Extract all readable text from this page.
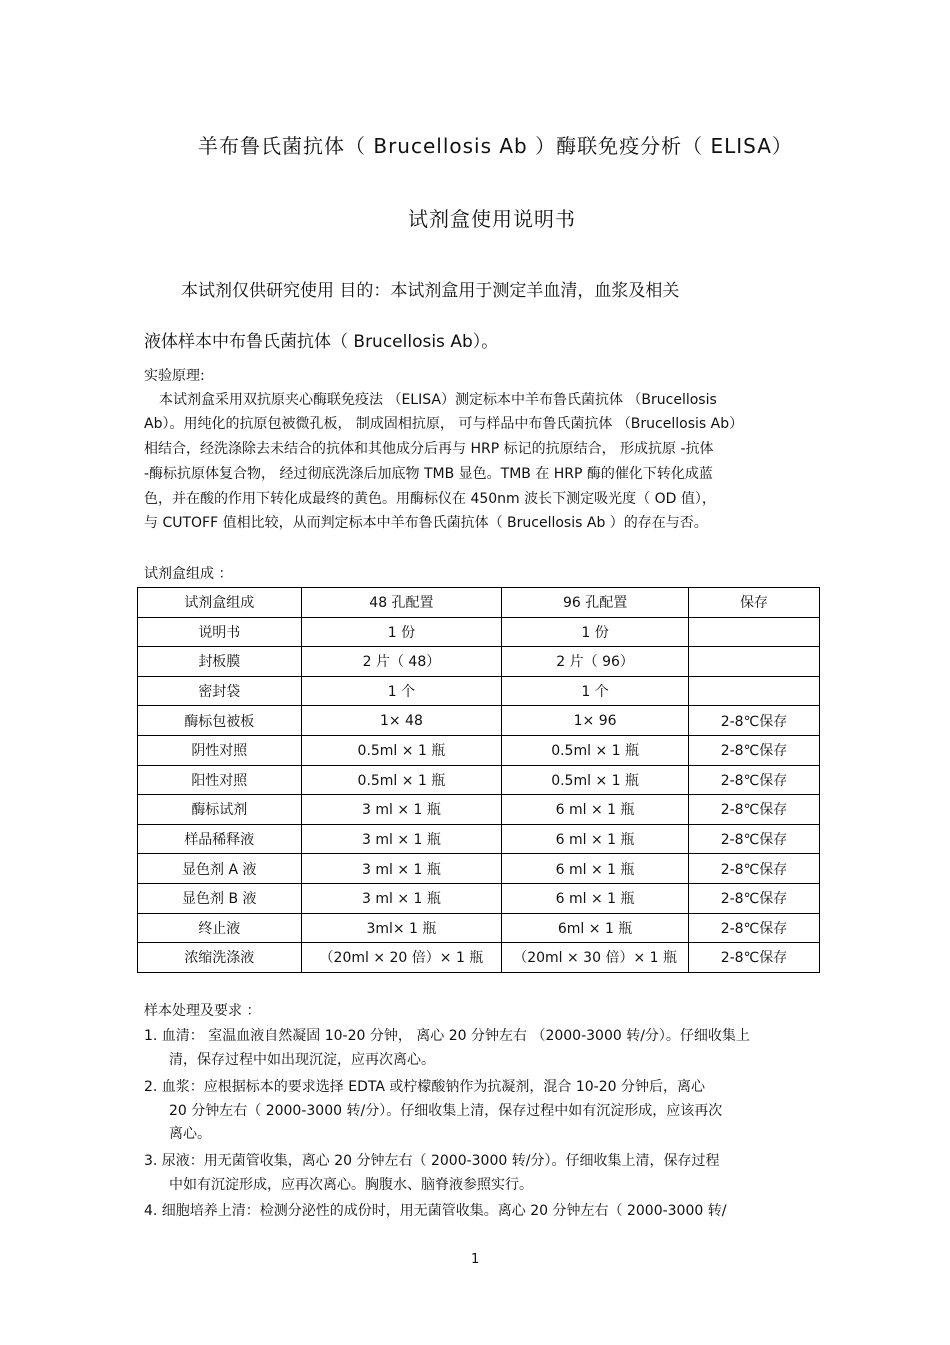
羊布鲁氏菌抗体（ Brucellosis Ab ）酶联免疫分析（ ELISA）
试剂盒使用说明书
本试剂仅供研究使用 目的：本试剂盒用于测定羊血清，血浆及相关
液体样本中布鲁氏菌抗体（ Brucellosis Ab）。
实验原理:
本试剂盒采用双抗原夹心酶联免疫法 （ELISA）测定标本中羊布鲁氏菌抗体 （Brucellosis
Ab）。用纯化的抗原包被微孔板， 制成固相抗原， 可与样品中布鲁氏菌抗体 （Brucellosis Ab）
相结合，经洗涤除去未结合的抗体和其他成分后再与 HRP 标记的抗原结合， 形成抗原 -抗体
-酶标抗原体复合物， 经过彻底洗涤后加底物 TMB 显色。TMB 在 HRP 酶的催化下转化成蓝
色，并在酸的作用下转化成最终的黄色。用酶标仪在 450nm 波长下测定吸光度（ OD 值），
与 CUTOFF 值相比较，从而判定标本中羊布鲁氏菌抗体（ Brucellosis Ab ）的存在与否。
试剂盒组成 ：
试剂盒组成	48 孔配置	96 孔配置	保存
说明书	1 份	1 份	
封板膜	2 片（ 48）	2 片（ 96）	
密封袋	1 个	1 个	
酶标包被板	1× 48	1× 96	2-8℃保存
阴性对照	0.5ml × 1 瓶	0.5ml × 1 瓶	2-8℃保存
阳性对照	0.5ml × 1 瓶	0.5ml × 1 瓶	2-8℃保存
酶标试剂	3 ml × 1 瓶	6 ml × 1 瓶	2-8℃保存
样品稀释液	3 ml × 1 瓶	6 ml × 1 瓶	2-8℃保存
显色剂 A 液	3 ml × 1 瓶	6 ml × 1 瓶	2-8℃保存
显色剂 B 液	3 ml × 1 瓶	6 ml × 1 瓶	2-8℃保存
终止液	3ml× 1 瓶	6ml × 1 瓶	2-8℃保存
浓缩洗涤液	（20ml × 20 倍）× 1 瓶	（20ml × 30 倍）× 1 瓶	2-8℃保存
样本处理及要求 ：
1. 血清： 室温血液自然凝固 10-20 分钟， 离心 20 分钟左右 （2000-3000 转/分）。仔细收集上
清，保存过程中如出现沉淀，应再次离心。
2. 血浆：应根据标本的要求选择 EDTA 或柠檬酸钠作为抗凝剂，混合 10-20 分钟后，离心
20 分钟左右（ 2000-3000 转/分）。仔细收集上清，保存过程中如有沉淀形成，应该再次
离心。
3. 尿液：用无菌管收集，离心 20 分钟左右（ 2000-3000 转/分）。仔细收集上清，保存过程
中如有沉淀形成，应再次离心。胸腹水、脑脊液参照实行。
4. 细胞培养上清：检测分泌性的成份时，用无菌管收集。离心 20 分钟左右（ 2000-3000 转/
1
